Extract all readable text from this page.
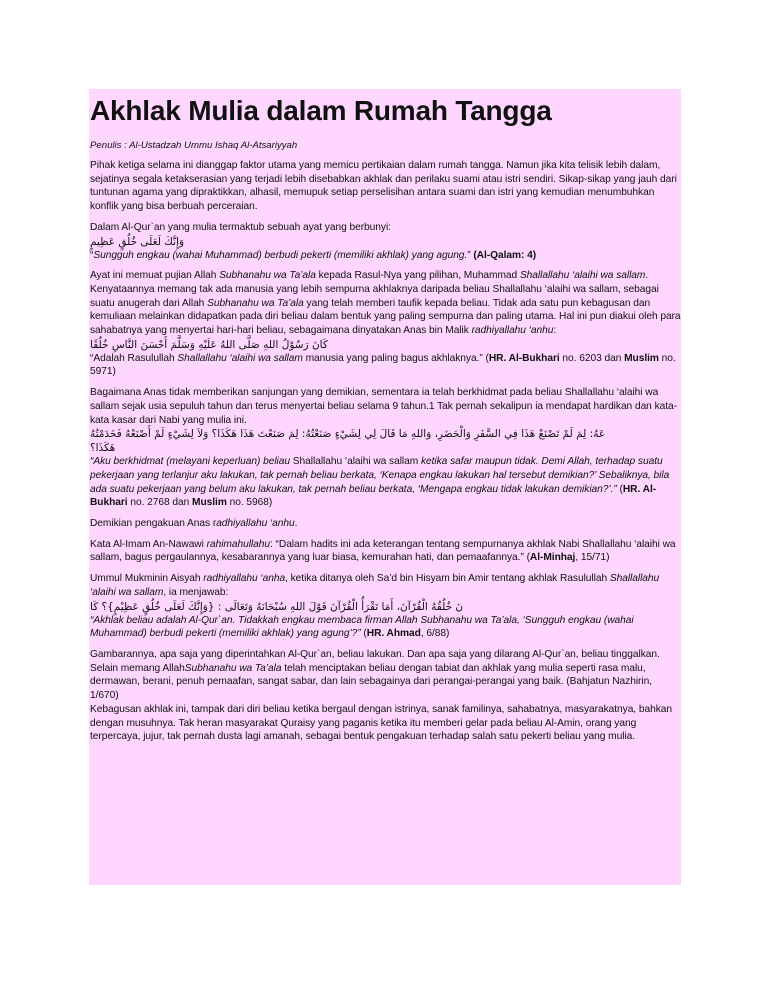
Akhlak Mulia dalam Rumah Tangga
Penulis : Al-Ustadzah Ummu Ishaq Al-Atsariyyah

Pihak ketiga selama ini dianggap faktor utama yang memicu pertikaian dalam rumah tangga. Namun jika kita telisik lebih dalam, sejatinya segala ketakserasian yang terjadi lebih disebabkan akhlak dan perilaku suami atau istri sendiri. Sikap-sikap yang jauh dari tuntunan agama yang dipraktikkan, alhasil, memupuk setiap perselisihan antara suami dan istri yang kemudian menumbuhkan konflik yang bisa berbuah perceraian.

Dalam Al-Qur`an yang mulia termaktub sebuah ayat yang berbunyi:
وَإِنَّكَ لَعَلَى خُلُقٍ عَظِيمٍ
“Sungguh engkau (wahai Muhammad) berbudi pekerti (memiliki akhlak) yang agung.” (Al-Qalam: 4)

Ayat ini memuat pujian Allah Subhanahu wa Ta’ala kepada Rasul-Nya yang pilihan, Muhammad Shallallahu ‘alaihi wa sallam. Kenyataannya memang tak ada manusia yang lebih sempurna akhlaknya daripada beliau Shallallahu ‘alaihi wa sallam, sebagai suatu anugerah dari Allah Subhanahu wa Ta’ala yang telah memberi taufik kepada beliau. Tidak ada satu pun kebagusan dan kemuliaan melainkan didapatkan pada diri beliau dalam bentuk yang paling sempurna dan paling utama. Hal ini pun diakui oleh para sahabatnya yang menyertai hari-hari beliau, sebagaimana dinyatakan Anas bin Malik radhiyallahu ‘anhu:
كَانَ رَسُوْلُ اللهِ صَلَّى اللهُ عَلَيْهِ وَسَلَّمَ أَحْسَنَ النَّاسِ خُلُقًا
“Adalah Rasulullah Shallallahu ‘alaihi wa sallam manusia yang paling bagus akhlaknya.” (HR. Al-Bukhari no. 6203 dan Muslim no. 5971)

Bagaimana Anas tidak memberikan sanjungan yang demikian, sementara ia telah berkhidmat pada beliau Shallallahu ‘alaihi wa sallam sejak usia sepuluh tahun dan terus menyertai beliau selama 9 tahun.1 Tak pernah sekalipun ia mendapat hardikan dan kata-kata kasar dari Nabi yang mulia ini.
عَهُ: لِمَ لَمْ تَصْنَعْ هَذَا فِي السَّفَرِ وَالْحَضَرِ، وَاللهِ مَا قَالَ لِي لِشَيْءٍ صَنَعْتُهُ: لِمَ صَنَعْتَ هَذَا هَكَذَا؟ وَلاَ لِشَيْءٍ لَمْ أَصْنَعْهُ فَخَدَمْتُهُ
هَكَذَا؟
“Aku berkhidmat (melayani keperluan) beliau Shallallahu ‘alaihi wa sallam ketika safar maupun tidak. Demi Allah, terhadap suatu pekerjaan yang terlanjur aku lakukan, tak pernah beliau berkata, ‘Kenapa engkau lakukan hal tersebut demikian?’ Sebaliknya, bila ada suatu pekerjaan yang belum aku lakukan, tak pernah beliau berkata, ‘Mengapa engkau tidak lakukan demikian?’.” (HR. Al-Bukhari no. 2768 dan Muslim no. 5968)

Demikian pengakuan Anas radhiyallahu ‘anhu.

Kata Al-Imam An-Nawawi rahimahullahu: “Dalam hadits ini ada keterangan tentang sempurnanya akhlak Nabi Shallallahu ‘alaihi wa sallam, bagus pergaulannya, kesabarannya yang luar biasa, kemurahan hati, dan pemaafannya.” (Al-Minhaj, 15/71)

Ummul Mukminin Aisyah radhiyallahu ‘anha, ketika ditanya oleh Sa’d bin Hisyam bin Amir tentang akhlak Rasulullah Shallallahu ‘alaihi wa sallam, ia menjawab:
نَ خُلُقُهُ الْقُرْآنَ، أَمَا تَقْرَأُ الْقُرْآنَ قَوْلَ اللهِ سُبْحَانَهُ وَتَعَالَى : {وَإِنَّكَ لَعَلَى خُلُقٍ عَظِيْمٍ}؟ كَا
“Akhlak beliau adalah Al-Qur`an. Tidakkah engkau membaca firman Allah Subhanahu wa Ta’ala, ‘Sungguh engkau (wahai Muhammad) berbudi pekerti (memiliki akhlak) yang agung’?” (HR. Ahmad, 6/88)

Gambarannya, apa saja yang diperintahkan Al-Qur`an, beliau lakukan. Dan apa saja yang dilarang Al-Qur`an, beliau tinggalkan. Selain memang AllahSubhanahu wa Ta’ala telah menciptakan beliau dengan tabiat dan akhlak yang mulia seperti rasa malu, dermawan, berani, penuh pemaafan, sangat sabar, dan lain sebagainya dari perangai-perangai yang baik. (Bahjatun Nazhirin, 1/670)
Kebagusan akhlak ini, tampak dari diri beliau ketika bergaul dengan istrinya, sanak familinya, sahabatnya, masyarakatnya, bahkan dengan musuhnya. Tak heran masyarakat Quraisy yang paganis ketika itu memberi gelar pada beliau Al-Amin, orang yang terpercaya, jujur, tak pernah dusta lagi amanah, sebagai bentuk pengakuan terhadap salah satu pekerti beliau yang mulia.
